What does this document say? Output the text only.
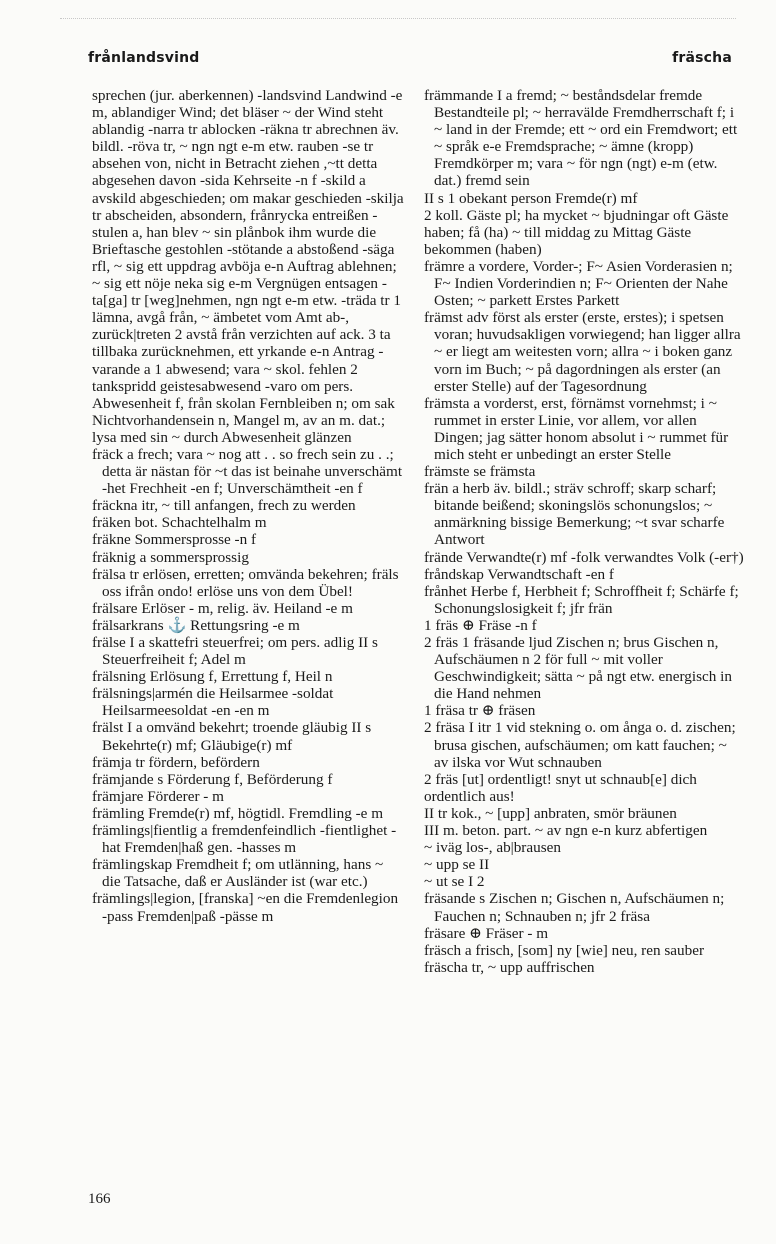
frånlandsvind	fräscha

sprechen (jur. aberkennen) -landsvind Landwind -e m, ablandiger Wind; det bläser ~ der Wind steht ablandig -narra tr ablocken -räkna tr abrechnen äv. bildl. -röva tr, ~ ngn ngt e-m etw. rauben -se tr absehen von, nicht in Betracht ziehen ,~tt detta abgesehen davon -sida Kehrseite -n f -skild a avskild abgeschieden; om makar geschieden -skilja tr abscheiden, absondern, frånrycka entreißen -stulen a, han blev ~ sin plånbok ihm wurde die Brieftasche gestohlen -stötande a abstoßend -säga rfl, ~ sig ett uppdrag avböja e-n Auftrag ablehnen; ~ sig ett nöje neka sig e-m Vergnügen entsagen -ta[ga] tr [weg]nehmen, ngn ngt e-m etw. -träda tr 1 lämna, avgå från, ~ ämbetet vom Amt ab-, zurück|treten 2 avstå från verzichten auf ack. 3 ta tillbaka zurücknehmen, ett yrkande e-n Antrag -varande a 1 abwesend; vara ~ skol. fehlen 2 tankspridd geistesabwesend -varo om pers. Abwesenheit f, från skolan Fernbleiben n; om sak Nichtvorhandensein n, Mangel m, av an m. dat.; lysa med sin ~ durch Abwesenheit glänzen

fräck a frech; vara ~ nog att . . so frech sein zu . .; detta är nästan för ~t das ist beinahe unverschämt -het Frechheit -en f; Unverschämtheit -en f

fräckna itr, ~ till anfangen, frech zu werden

fräken bot. Schachtelhalm m

fräkne Sommersprosse -n f

fräknig a sommersprossig

frälsa tr erlösen, erretten; omvända bekehren; fräls oss ifrån ondo! erlöse uns von dem Übel!

frälsare Erlöser - m, relig. äv. Heiland -e m

frälsarkrans ⚓ Rettungsring -e m

frälse I a skattefri steuerfrei; om pers. adlig II s Steuerfreiheit f; Adel m

frälsning Erlösung f, Errettung f, Heil n

frälsnings|armén die Heilsarmee -soldat Heilsarmeesoldat -en -en m

frälst I a omvänd bekehrt; troende gläubig II s Bekehrte(r) mf; Gläubige(r) mf

främja tr fördern, befördern

främjande s Förderung f, Beförderung f

främjare Förderer - m

främling Fremde(r) mf, högtidl. Fremdling -e m

främlings|fientlig a fremdenfeindlich -fientlighet -hat Fremden|haß gen. -hasses m

främlingskap Fremdheit f; om utlänning, hans ~ die Tatsache, daß er Ausländer ist (war etc.)

främlings|legion, [franska] ~en die Fremdenlegion -pass Fremden|paß -pässe m

främmande I a fremd; ~ beståndsdelar fremde Bestandteile pl; ~ herravälde Fremdherrschaft f; i ~ land in der Fremde; ett ~ ord ein Fremdwort; ett ~ språk e-e Fremdsprache; ~ ämne (kropp) Fremdkörper m; vara ~ för ngn (ngt) e-m (etw. dat.) fremd sein

II s 1 obekant person Fremde(r) mf

2 koll. Gäste pl; ha mycket ~ bjudningar oft Gäste haben; få (ha) ~ till middag zu Mittag Gäste bekommen (haben)

främre a vordere, Vorder-; F~ Asien Vorderasien n; F~ Indien Vorderindien n; F~ Orienten der Nahe Osten; ~ parkett Erstes Parkett

främst adv först als erster (erste, erstes); i spetsen voran; huvudsakligen vorwiegend; han ligger allra ~ er liegt am weitesten vorn; allra ~ i boken ganz vorn im Buch; ~ på dagordningen als erster (an erster Stelle) auf der Tagesordnung

främsta a vorderst, erst, förnämst vornehmst; i ~ rummet in erster Linie, vor allem, vor allen Dingen; jag sätter honom absolut i ~ rummet für mich steht er unbedingt an erster Stelle

främste se främsta

frän a herb äv. bildl.; sträv schroff; skarp scharf; bitande beißend; skoningslös schonungslos; ~ anmärkning bissige Bemerkung; ~t svar scharfe Antwort

frände Verwandte(r) mf -folk verwandtes Volk (-er†)

fråndskap Verwandtschaft -en f

frånhet Herbe f, Herbheit f; Schroffheit f; Schärfe f; Schonungslosigkeit f; jfr frän

1 fräs ⊕ Fräse -n f

2 fräs 1 fräsande ljud Zischen n; brus Gischen n, Aufschäumen n 2 för full ~ mit voller Geschwindigkeit; sätta ~ på ngt etw. energisch in die Hand nehmen

1 fräsa tr ⊕ fräsen

2 fräsa I itr 1 vid stekning o. om ånga o. d. zischen; brusa gischen, aufschäumen; om katt fauchen; ~ av ilska vor Wut schnauben

2 fräs [ut] ordentligt! snyt ut schnaub[e] dich ordentlich aus!

II tr kok., ~ [upp] anbraten, smör bräunen

III m. beton. part. ~ av ngn e-n kurz abfertigen

~ iväg los-, ab|brausen

~ upp se II

~ ut se I 2

fräsande s Zischen n; Gischen n, Aufschäumen n; Fauchen n; Schnauben n; jfr 2 fräsa

fräsare ⊕ Fräser - m

fräsch a frisch, [som] ny [wie] neu, ren sauber

fräscha tr, ~ upp auffrischen

166
